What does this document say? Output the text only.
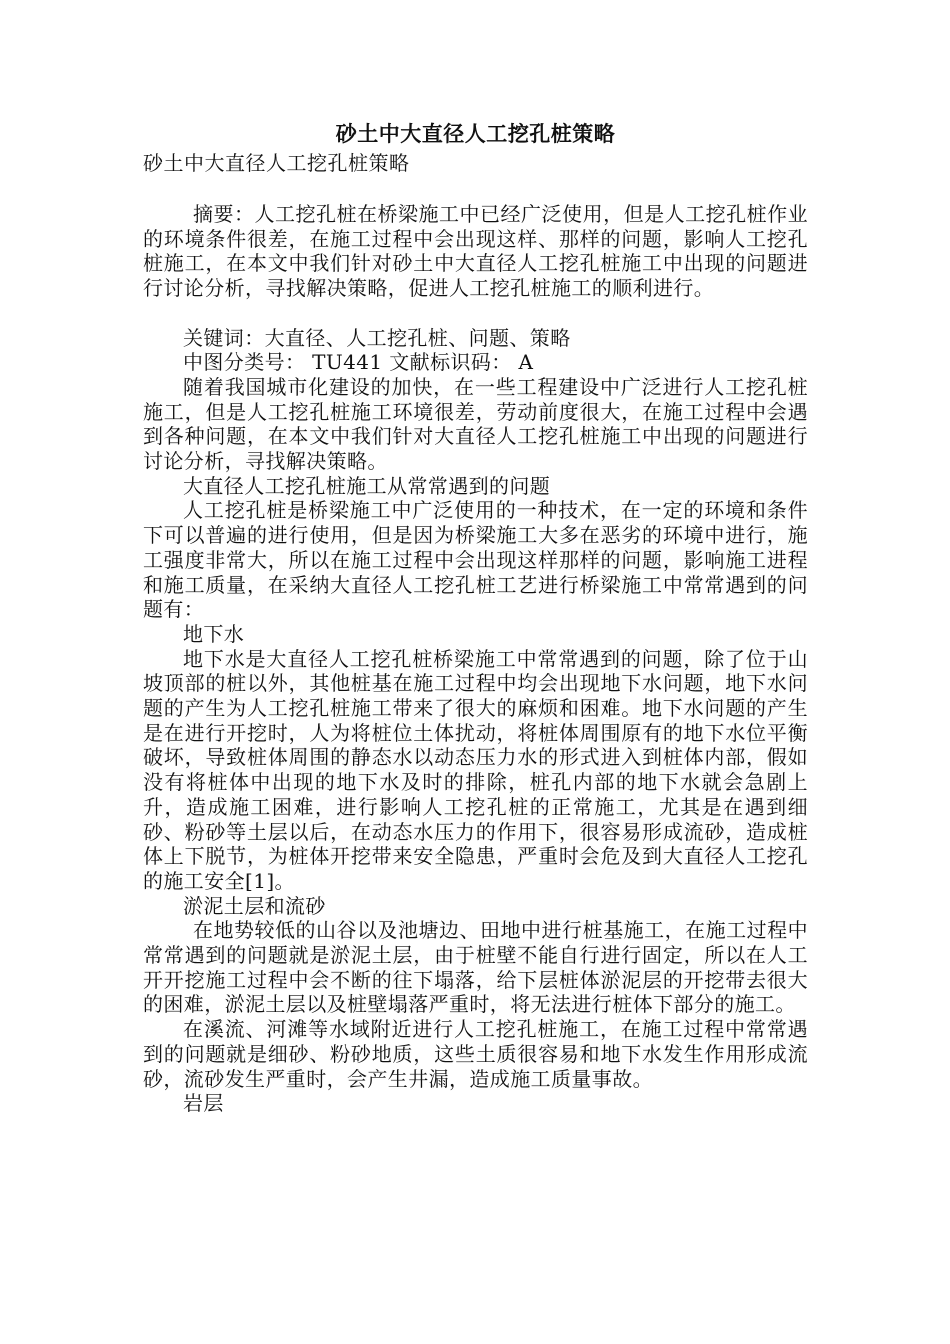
砂土中大直径人工挖孔桩策略
砂土中大直径人工挖孔桩策略

摘要：人工挖孔桩在桥梁施工中已经广泛使用，但是人工挖孔桩作业的环境条件很差，在施工过程中会出现这样、那样的问题，影响人工挖孔桩施工，在本文中我们针对砂土中大直径人工挖孔桩施工中出现的问题进行讨论分析，寻找解决策略，促进人工挖孔桩施工的顺利进行。

关键词：大直径、人工挖孔桩、问题、策略

中图分类号： TU441 文献标识码： A

随着我国城市化建设的加快，在一些工程建设中广泛进行人工挖孔桩施工，但是人工挖孔桩施工环境很差，劳动前度很大，在施工过程中会遇到各种问题，在本文中我们针对大直径人工挖孔桩施工中出现的问题进行讨论分析，寻找解决策略。

大直径人工挖孔桩施工从常常遇到的问题

人工挖孔桩是桥梁施工中广泛使用的一种技术，在一定的环境和条件下可以普遍的进行使用，但是因为桥梁施工大多在恶劣的环境中进行，施工强度非常大，所以在施工过程中会出现这样那样的问题，影响施工进程和施工质量，在采纳大直径人工挖孔桩工艺进行桥梁施工中常常遇到的问题有：

地下水

地下水是大直径人工挖孔桩桥梁施工中常常遇到的问题，除了位于山坡顶部的桩以外，其他桩基在施工过程中均会出现地下水问题，地下水问题的产生为人工挖孔桩施工带来了很大的麻烦和困难。地下水问题的产生是在进行开挖时，人为将桩位土体扰动，将桩体周围原有的地下水位平衡破坏，导致桩体周围的静态水以动态压力水的形式进入到桩体内部，假如没有将桩体中出现的地下水及时的排除，桩孔内部的地下水就会急剧上升，造成施工困难，进行影响人工挖孔桩的正常施工，尤其是在遇到细砂、粉砂等土层以后，在动态水压力的作用下，很容易形成流砂，造成桩体上下脱节，为桩体开挖带来安全隐患，严重时会危及到大直径人工挖孔的施工安全[1]。

淤泥土层和流砂

在地势较低的山谷以及池塘边、田地中进行桩基施工，在施工过程中常常遇到的问题就是淤泥土层，由于桩壁不能自行进行固定，所以在人工开开挖施工过程中会不断的往下塌落，给下层桩体淤泥层的开挖带去很大的困难，淤泥土层以及桩壁塌落严重时，将无法进行桩体下部分的施工。

在溪流、河滩等水域附近进行人工挖孔桩施工，在施工过程中常常遇到的问题就是细砂、粉砂地质，这些土质很容易和地下水发生作用形成流砂，流砂发生严重时，会产生井漏，造成施工质量事故。

岩层
